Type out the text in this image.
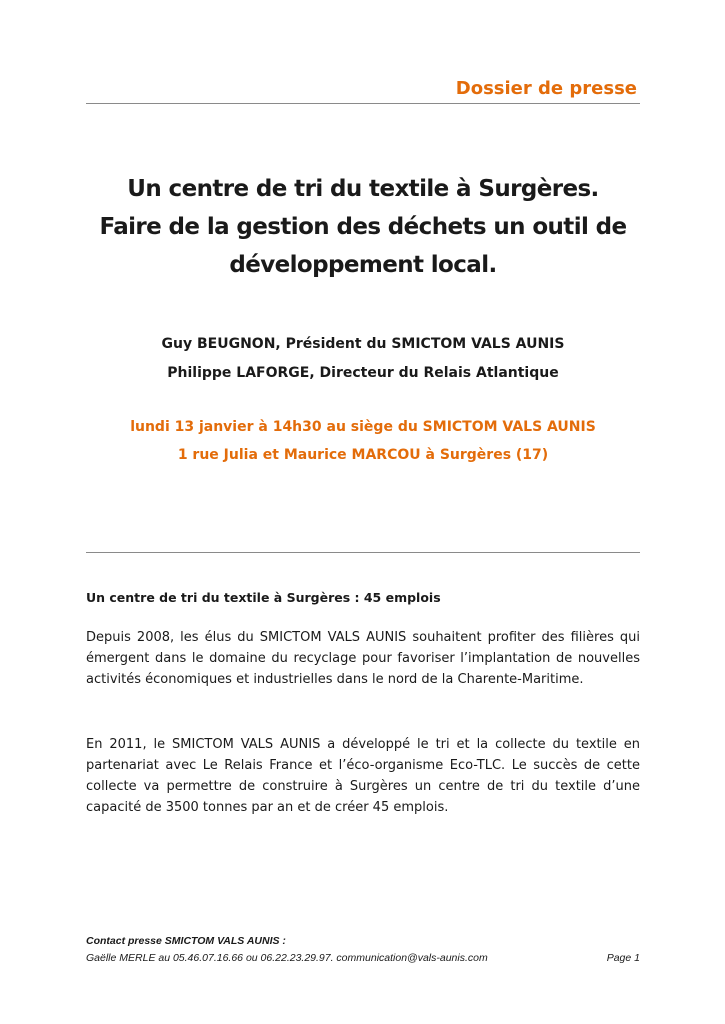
Dossier de presse
Un centre de tri du textile à Surgères.
Faire de la gestion des déchets un outil de
développement local.
Guy BEUGNON, Président du SMICTOM VALS AUNIS
Philippe LAFORGE, Directeur du Relais Atlantique
lundi 13 janvier à 14h30 au siège du SMICTOM VALS AUNIS
1 rue Julia et Maurice MARCOU à Surgères (17)
Un centre de tri du textile à Surgères : 45 emplois

Depuis 2008, les élus du SMICTOM VALS AUNIS souhaitent profiter des filières qui émergent dans le domaine du recyclage pour favoriser l’implantation de nouvelles activités économiques et industrielles dans le nord de la Charente-Maritime.

En 2011, le SMICTOM VALS AUNIS a développé le tri et la collecte du textile en partenariat avec Le Relais France et l’éco-organisme Eco-TLC. Le succès de cette collecte va permettre de construire à Surgères un centre de tri du textile d’une capacité de 3500 tonnes par an et de créer 45 emplois.

Contact presse SMICTOM VALS AUNIS :
Gaëlle MERLE au 05.46.07.16.66 ou 06.22.23.29.97. communication@vals-aunis.com	Page 1
